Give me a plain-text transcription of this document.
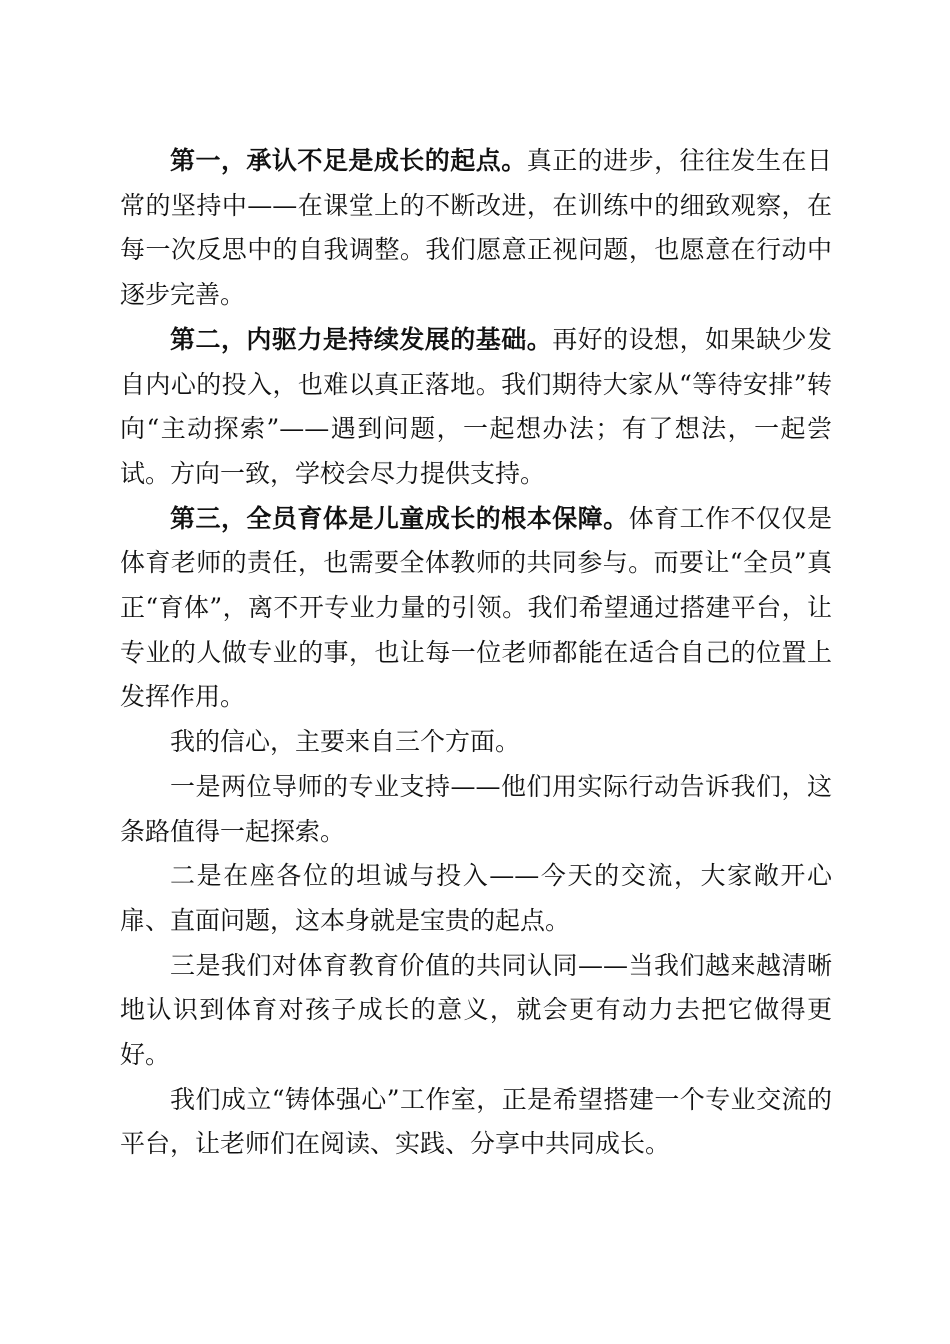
第一，承认不足是成长的起点。真正的进步，往往发生在日常的坚持中——在课堂上的不断改进，在训练中的细致观察，在每一次反思中的自我调整。我们愿意正视问题，也愿意在行动中逐步完善。

第二，内驱力是持续发展的基础。再好的设想，如果缺少发自内心的投入，也难以真正落地。我们期待大家从“等待安排”转向“主动探索”——遇到问题，一起想办法；有了想法，一起尝试。方向一致，学校会尽力提供支持。

第三，全员育体是儿童成长的根本保障。体育工作不仅仅是体育老师的责任，也需要全体教师的共同参与。而要让“全员”真正“育体”，离不开专业力量的引领。我们希望通过搭建平台，让专业的人做专业的事，也让每一位老师都能在适合自己的位置上发挥作用。

我的信心，主要来自三个方面。

一是两位导师的专业支持——他们用实际行动告诉我们，这条路值得一起探索。

二是在座各位的坦诚与投入——今天的交流，大家敞开心扉、直面问题，这本身就是宝贵的起点。

三是我们对体育教育价值的共同认同——当我们越来越清晰地认识到体育对孩子成长的意义，就会更有动力去把它做得更好。

我们成立“铸体强心”工作室，正是希望搭建一个专业交流的平台，让老师们在阅读、实践、分享中共同成长。
